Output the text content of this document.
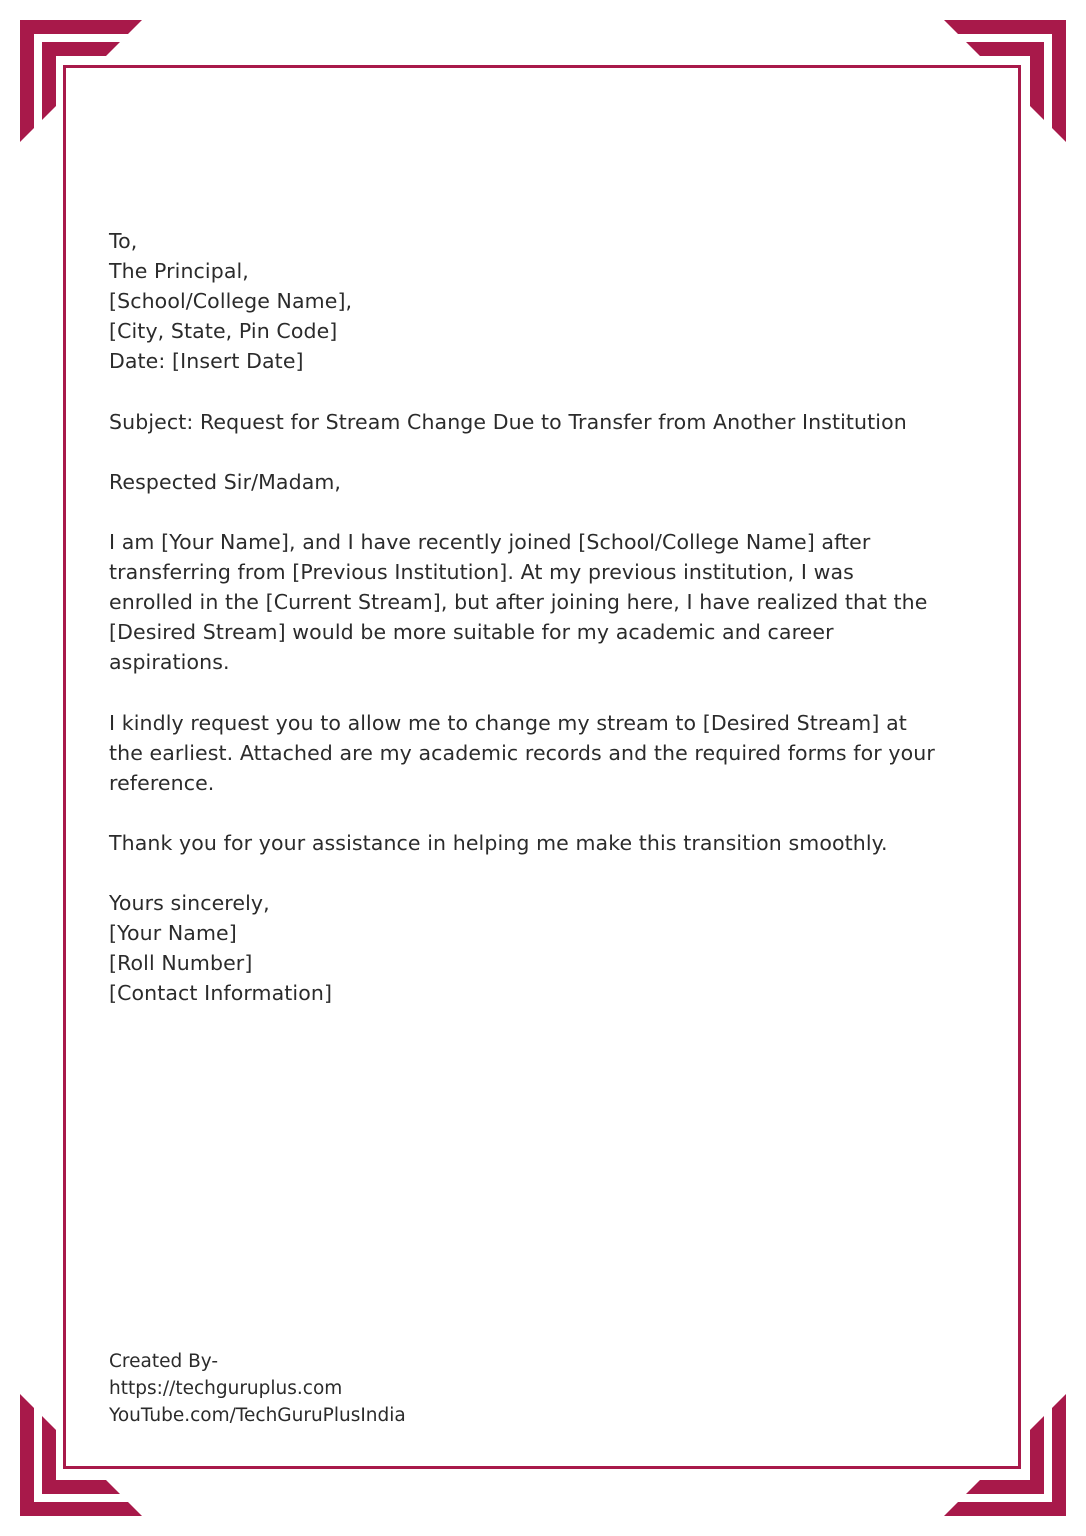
To,
The Principal,
[School/College Name],
[City, State, Pin Code]
Date: [Insert Date]
Subject: Request for Stream Change Due to Transfer from Another Institution
Respected Sir/Madam,
I am [Your Name], and I have recently joined [School/College Name] after
transferring from [Previous Institution]. At my previous institution, I was
enrolled in the [Current Stream], but after joining here, I have realized that the
[Desired Stream] would be more suitable for my academic and career
aspirations.
I kindly request you to allow me to change my stream to [Desired Stream] at
the earliest. Attached are my academic records and the required forms for your
reference.
Thank you for your assistance in helping me make this transition smoothly.
Yours sincerely,
[Your Name]
[Roll Number]
[Contact Information]
Created By-
https://techguruplus.com
YouTube.com/TechGuruPlusIndia
